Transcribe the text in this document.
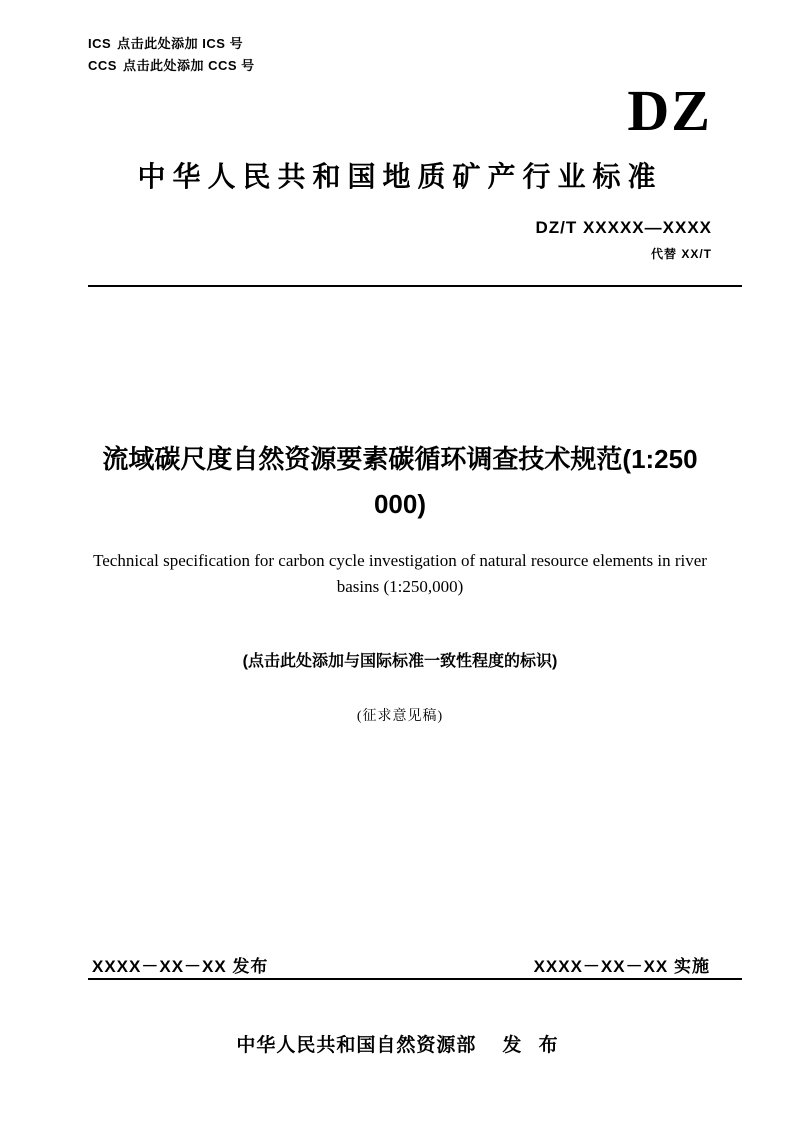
ICS 点击此处添加 ICS 号
CCS 点击此处添加 CCS 号
DZ
中华人民共和国地质矿产行业标准
DZ/T XXXXX—XXXX
代替 XX/T
流域碳尺度自然资源要素碳循环调查技术规范(1:250 000)
Technical specification for carbon cycle investigation of natural resource elements in river basins (1:250,000)
(点击此处添加与国际标准一致性程度的标识)
(征求意见稿)
XXXX－XX－XX 发布	XXXX－XX－XX 实施
中华人民共和国自然资源部 发 布
